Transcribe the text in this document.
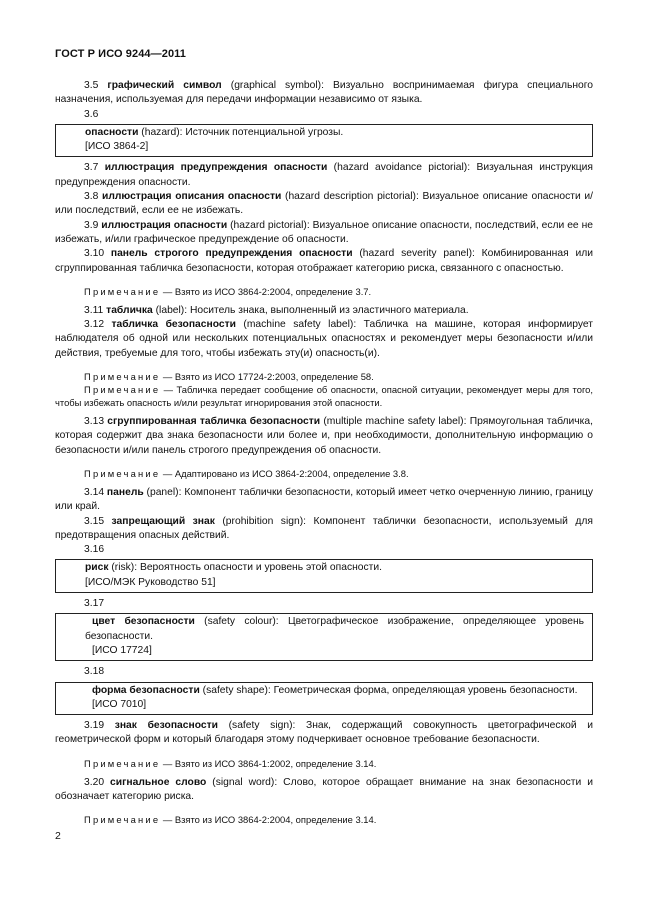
ГОСТ Р ИСО 9244—2011

3.5 графический символ (graphical symbol): Визуально воспринимаемая фигура специального назначения, используемая для передачи информации независимо от языка.

3.6

опасности (hazard): Источник потенциальной угрозы.

[ИСО 3864-2]

3.7 иллюстрация предупреждения опасности (hazard avoidance pictorial): Визуальная инструкция предупреждения опасности.

3.8 иллюстрация описания опасности (hazard description pictorial): Визуальное описание опасности и/или последствий, если ее не избежать.

3.9 иллюстрация опасности (hazard pictorial): Визуальное описание опасности, последствий, если ее не избежать, и/или графическое предупреждение об опасности.

3.10 панель строгого предупреждения опасности (hazard severity panel): Комбинированная или сгруппированная табличка безопасности, которая отображает категорию риска, связанного с опасностью.

Примечание — Взято из ИСО 3864-2:2004, определение 3.7.

3.11 табличка (label): Носитель знака, выполненный из эластичного материала.

3.12 табличка безопасности (machine safety label): Табличка на машине, которая информирует наблюдателя об одной или нескольких потенциальных опасностях и рекомендует меры безопасности и/или действия, требуемые для того, чтобы избежать эту(и) опасность(и).

Примечание — Взято из ИСО 17724-2:2003, определение 58.

Примечание — Табличка передает сообщение об опасности, опасной ситуации, рекомендует меры для того, чтобы избежать опасность и/или результат игнорирования этой опасности.

3.13 сгруппированная табличка безопасности (multiple machine safety label): Прямоугольная табличка, которая содержит два знака безопасности или более и, при необходимости, дополнительную информацию о безопасности и/или панель строгого предупреждения об опасности.

Примечание — Адаптировано из ИСО 3864-2:2004, определение 3.8.

3.14 панель (panel): Компонент таблички безопасности, который имеет четко очерченную линию, границу или край.

3.15 запрещающий знак (prohibition sign): Компонент таблички безопасности, используемый для предотвращения опасных действий.

3.16

риск (risk): Вероятность опасности и уровень этой опасности.

[ИСО/МЭК Руководство 51]

3.17

цвет безопасности (safety colour): Цветографическое изображение, определяющее уровень безопасности.

[ИСО 17724]

3.18

форма безопасности (safety shape): Геометрическая форма, определяющая уровень безопасности.

[ИСО 7010]

3.19 знак безопасности (safety sign): Знак, содержащий совокупность цветографической и геометрической форм и который благодаря этому подчеркивает основное требование безопасности.

Примечание — Взято из ИСО 3864-1:2002, определение 3.14.

3.20 сигнальное слово (signal word): Слово, которое обращает внимание на знак безопасности и обозначает категорию риска.

Примечание — Взято из ИСО 3864-2:2004, определение 3.14.

2
